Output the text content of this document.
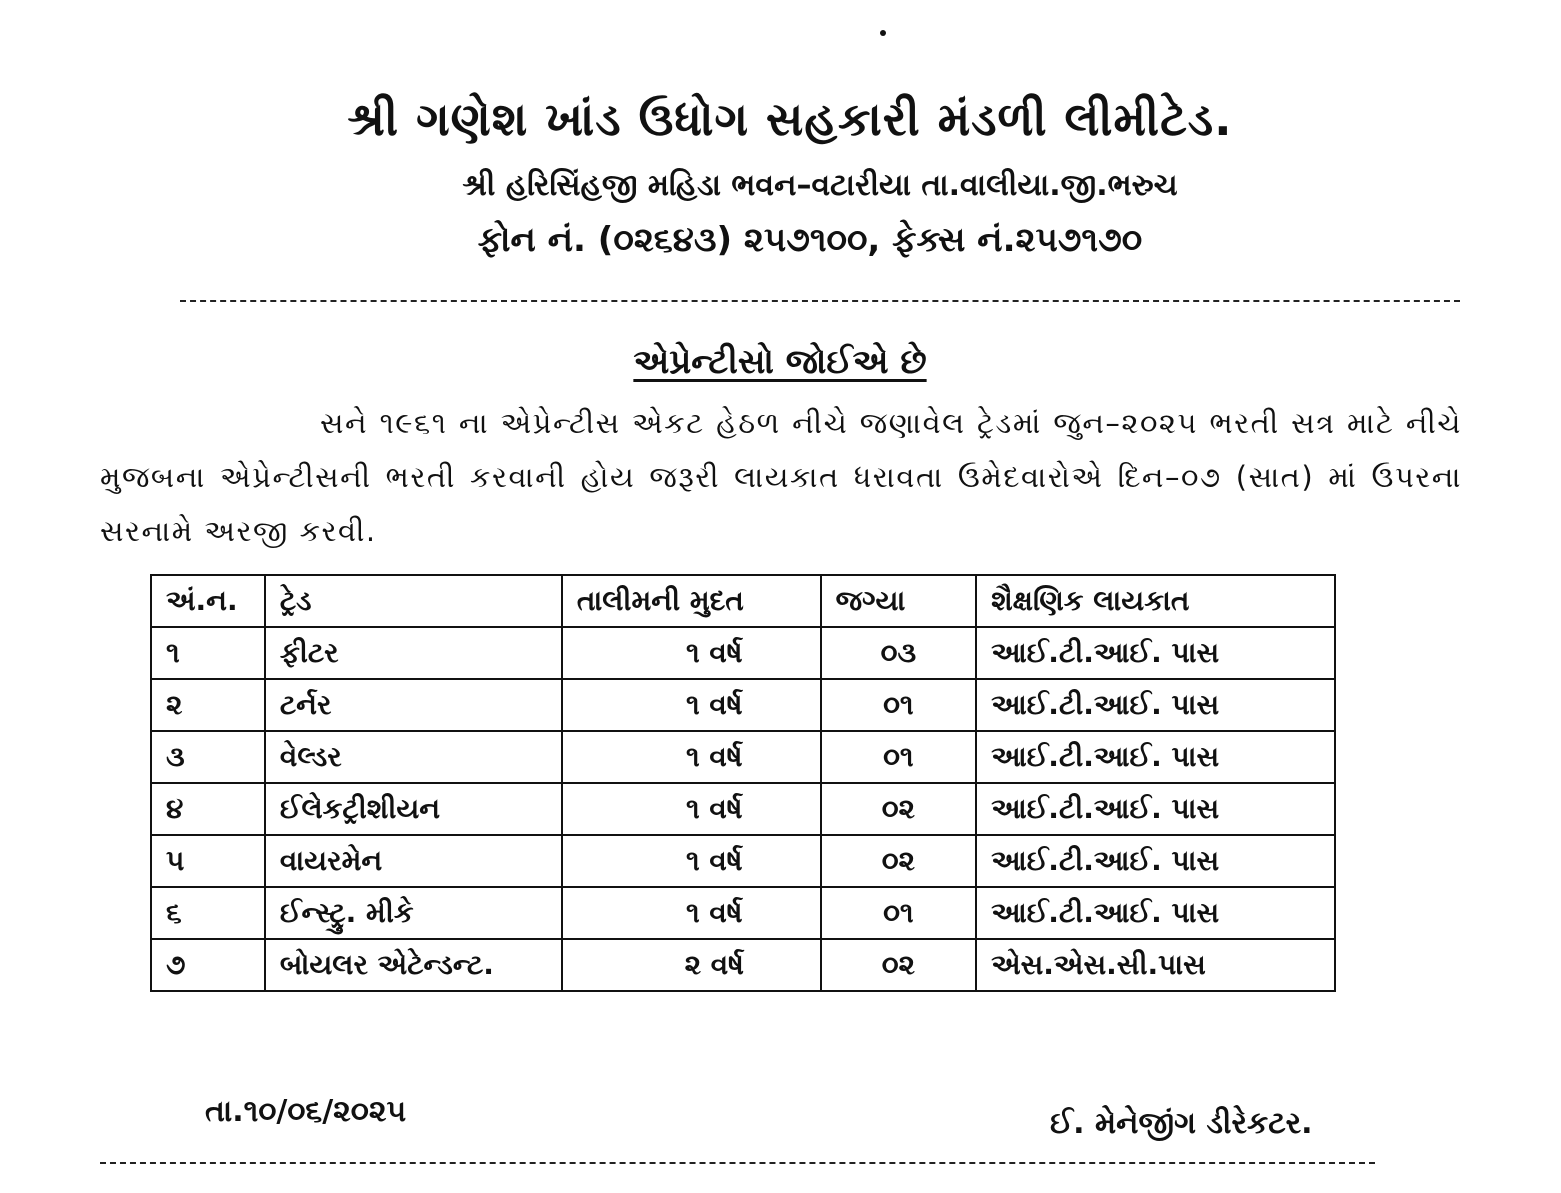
શ્રી ગણેશ ખાંડ ઉધોગ સહકારી મંડળી લીમીટેડ.
શ્રી હરિસિંહજી મહિડા ભવન–વટારીયા તા.વાલીયા.જી.ભરુચ
ફોન નં. (૦૨૬૪૩) ૨૫૭૧૦૦, ફેક્સ નં.૨૫૭૧૭૦
એપ્રેન્ટીસો જોઈએ છે
સને ૧૯૬૧ ના એપ્રેન્ટીસ એકટ હેઠળ નીચે જણાવેલ ટ્રેડમાં જુન–૨૦૨૫ ભરતી સત્ર માટે નીચે મુજબના એપ્રેન્ટીસની ભરતી કરવાની હોય જરૂરી લાયકાત ધરાવતા ઉમેદવારોએ દિન–૦૭ (સાત) માં ઉપરના સરનામે અરજી કરવી.
અં.ન.	ટ્રેડ	તાલીમની મુદત	જગ્યા	શૈક્ષણિક લાયકાત
૧	ફીટર	૧ વર્ષ	૦૩	આઈ.ટી.આઈ. પાસ
૨	ટર્નર	૧ વર્ષ	૦૧	આઈ.ટી.આઈ. પાસ
૩	વેલ્ડર	૧ વર્ષ	૦૧	આઈ.ટી.આઈ. પાસ
૪	ઈલેકટ્રીશીયન	૧ વર્ષ	૦૨	આઈ.ટી.આઈ. પાસ
૫	વાયરમેન	૧ વર્ષ	૦૨	આઈ.ટી.આઈ. પાસ
૬	ઈન્સ્ટ્રુ. મીકે	૧ વર્ષ	૦૧	આઈ.ટી.આઈ. પાસ
૭	બોયલર એટેન્ડન્ટ.	૨ વર્ષ	૦૨	એસ.એસ.સી.પાસ
તા.૧૦/૦૬/૨૦૨૫	ઈ. મેનેજીંગ ડીરેકટર.
